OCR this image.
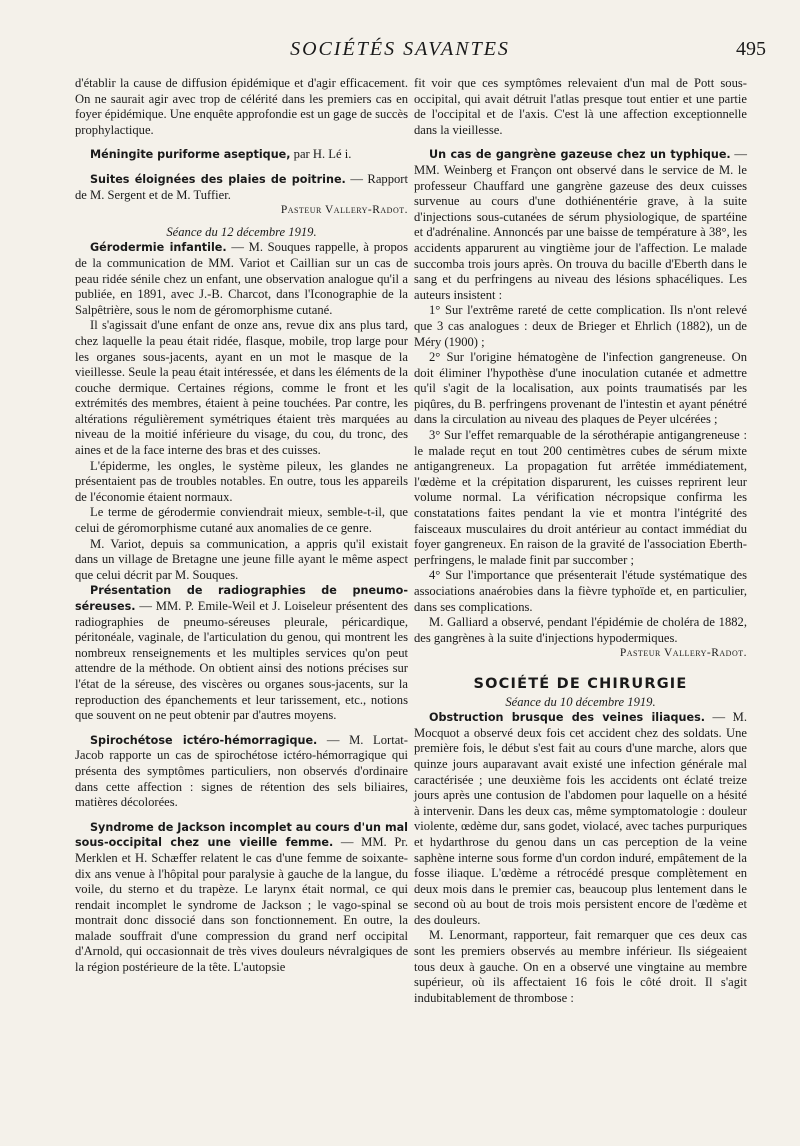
SOCIÉTÉS SAVANTES	495

d'établir la cause de diffusion épidémique et d'agir efficacement. On ne saurait agir avec trop de célérité dans les premiers cas en foyer épidémique. Une enquête approfondie est un gage de succès prophylactique.

Méningite puriforme aseptique, par H. Lé i.

Suites éloignées des plaies de poitrine. — Rapport de M. Sergent et de M. Tuffier.

Pasteur Vallery-Radot.

Séance du 12 décembre 1919.

Gérodermie infantile. — M. Souques rappelle, à propos de la communication de MM. Variot et Caillian sur un cas de peau ridée sénile chez un enfant, une observation analogue qu'il a publiée, en 1891, avec J.-B. Charcot, dans l'Iconographie de la Salpêtrière, sous le nom de géromorphisme cutané.

Il s'agissait d'une enfant de onze ans, revue dix ans plus tard, chez laquelle la peau était ridée, flasque, mobile, trop large pour les organes sous-jacents, ayant en un mot le masque de la vieillesse. Seule la peau était intéressée, et dans les éléments de la couche dermique. Certaines régions, comme le front et les extrémités des membres, étaient à peine touchées. Par contre, les altérations régulièrement symétriques étaient très marquées au niveau de la moitié inférieure du visage, du cou, du tronc, des aines et de la face interne des bras et des cuisses.

L'épiderme, les ongles, le système pileux, les glandes ne présentaient pas de troubles notables. En outre, tous les appareils de l'économie étaient normaux.

Le terme de gérodermie conviendrait mieux, semble-t-il, que celui de géromorphisme cutané aux anomalies de ce genre.

M. Variot, depuis sa communication, a appris qu'il existait dans un village de Bretagne une jeune fille ayant le même aspect que celui décrit par M. Souques.

Présentation de radiographies de pneumo-séreuses. — MM. P. Emile-Weil et J. Loiseleur présentent des radiographies de pneumo-séreuses pleurale, péricardique, péritonéale, vaginale, de l'articulation du genou, qui montrent les nombreux renseignements et les multiples services qu'on peut attendre de la méthode. On obtient ainsi des notions précises sur l'état de la séreuse, des viscères ou organes sous-jacents, sur la reproduction des épanchements et leur tarissement, etc., notions que souvent on ne peut obtenir par d'autres moyens.

Spirochétose ictéro-hémorragique. — M. Lortat-Jacob rapporte un cas de spirochétose ictéro-hémorragique qui présenta des symptômes particuliers, non observés d'ordinaire dans cette affection : signes de rétention des sels biliaires, matières décolorées.

Syndrome de Jackson incomplet au cours d'un mal sous-occipital chez une vieille femme. — MM. Pr. Merklen et H. Schæffer relatent le cas d'une femme de soixante-dix ans venue à l'hôpital pour paralysie à gauche de la langue, du voile, du sterno et du trapèze. Le larynx était normal, ce qui rendait incomplet le syndrome de Jackson ; le vago-spinal se montrait donc dissocié dans son fonctionnement. En outre, la malade souffrait d'une compression du grand nerf occipital d'Arnold, qui occasionnait de très vives douleurs névralgiques de la région postérieure de la tête. L'autopsie

fit voir que ces symptômes relevaient d'un mal de Pott sous-occipital, qui avait détruit l'atlas presque tout entier et une partie de l'occipital et de l'axis. C'est là une affection exceptionnelle dans la vieillesse.

Un cas de gangrène gazeuse chez un typhique. — MM. Weinberg et Françon ont observé dans le service de M. le professeur Chauffard une gangrène gazeuse des deux cuisses survenue au cours d'une dothiénentérie grave, à la suite d'injections sous-cutanées de sérum physiologique, de spartéine et d'adrénaline. Annoncés par une baisse de température à 38°, les accidents apparurent au vingtième jour de l'affection. Le malade succomba trois jours après. On trouva du bacille d'Eberth dans le sang et du perfringens au niveau des lésions sphacéliques. Les auteurs insistent :

1° Sur l'extrême rareté de cette complication. Ils n'ont relevé que 3 cas analogues : deux de Brieger et Ehrlich (1882), un de Méry (1900) ;

2° Sur l'origine hématogène de l'infection gangreneuse. On doit éliminer l'hypothèse d'une inoculation cutanée et admettre qu'il s'agit de la localisation, aux points traumatisés par les piqûres, du B. perfringens provenant de l'intestin et ayant pénétré dans la circulation au niveau des plaques de Peyer ulcérées ;

3° Sur l'effet remarquable de la sérothérapie antigangreneuse : le malade reçut en tout 200 centimètres cubes de sérum mixte antigangreneux. La propagation fut arrêtée immédiatement, l'œdème et la crépitation disparurent, les cuisses reprirent leur volume normal. La vérification nécropsique confirma les constatations faites pendant la vie et montra l'intégrité des faisceaux musculaires du droit antérieur au contact immédiat du foyer gangreneux. En raison de la gravité de l'association Eberth-perfringens, le malade finit par succomber ;

4° Sur l'importance que présenterait l'étude systématique des associations anaérobies dans la fièvre typhoïde et, en particulier, dans ses complications.

M. Galliard a observé, pendant l'épidémie de choléra de 1882, des gangrènes à la suite d'injections hypodermiques.

Pasteur Vallery-Radot.

SOCIÉTÉ DE CHIRURGIE

Séance du 10 décembre 1919.

Obstruction brusque des veines iliaques. — M. Mocquot a observé deux fois cet accident chez des soldats. Une première fois, le début s'est fait au cours d'une marche, alors que quinze jours auparavant avait existé une infection générale mal caractérisée ; une deuxième fois les accidents ont éclaté treize jours après une contusion de l'abdomen pour laquelle on a hésité à intervenir. Dans les deux cas, même symptomatologie : douleur violente, œdème dur, sans godet, violacé, avec taches purpuriques et hydarthrose du genou dans un cas perception de la veine saphène interne sous forme d'un cordon induré, empâtement de la fosse iliaque. L'œdème a rétrocédé presque complètement en deux mois dans le premier cas, beaucoup plus lentement dans le second où au bout de trois mois persistent encore de l'œdème et des douleurs.

M. Lenormant, rapporteur, fait remarquer que ces deux cas sont les premiers observés au membre inférieur. Ils siégeaient tous deux à gauche. On en a observé une vingtaine au membre supérieur, où ils affectaient 16 fois le côté droit. Il s'agit indubitablement de thrombose :
